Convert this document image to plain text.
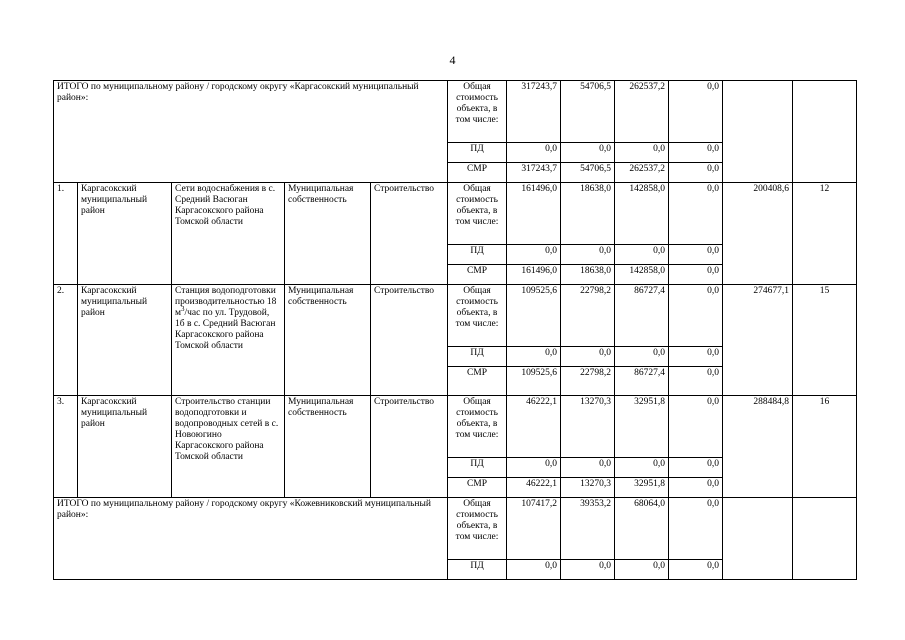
4
ИТОГО по муниципальному району / городскому округу «Каргасокский муниципальный район»:					Общая стоимость объекта, в том числе:	317243,7	54706,5	262537,2	0,0		
					ПД	0,0	0,0	0,0	0,0		
					СМР	317243,7	54706,5	262537,2	0,0		
1.	Каргасокский муниципальный район	Сети водоснабжения в с. Средний Васюган Каргасокского района Томской области	Муниципальная собственность	Строительство	Общая стоимость объекта, в том числе:	161496,0	18638,0	142858,0	0,0	200408,6	12
					ПД	0,0	0,0	0,0	0,0		
					СМР	161496,0	18638,0	142858,0	0,0		
2.	Каргасокский муниципальный район	Станция водоподготовки производительностью 18 $м^3$/час по ул. Трудовой, 1б в с. Средний Васюган Каргасокского района Томской области	Муниципальная собственность	Строительство	Общая стоимость объекта, в том числе:	109525,6	22798,2	86727,4	0,0	274677,1	15
					ПД	0,0	0,0	0,0	0,0		
					СМР	109525,6	22798,2	86727,4	0,0		
3.	Каргасокский муниципальный район	Строительство станции водоподготовки и водопроводных сетей в с. Новоюгино Каргасокского района Томской области	Муниципальная собственность	Строительство	Общая стоимость объекта, в том числе:	46222,1	13270,3	32951,8	0,0	288484,8	16
					ПД	0,0	0,0	0,0	0,0		
					СМР	46222,1	13270,3	32951,8	0,0		
ИТОГО по муниципальному району / городскому округу «Кожевниковский муниципальный район»:					Общая стоимость объекта, в том числе:	107417,2	39353,2	68064,0	0,0		
					ПД	0,0	0,0	0,0	0,0		
